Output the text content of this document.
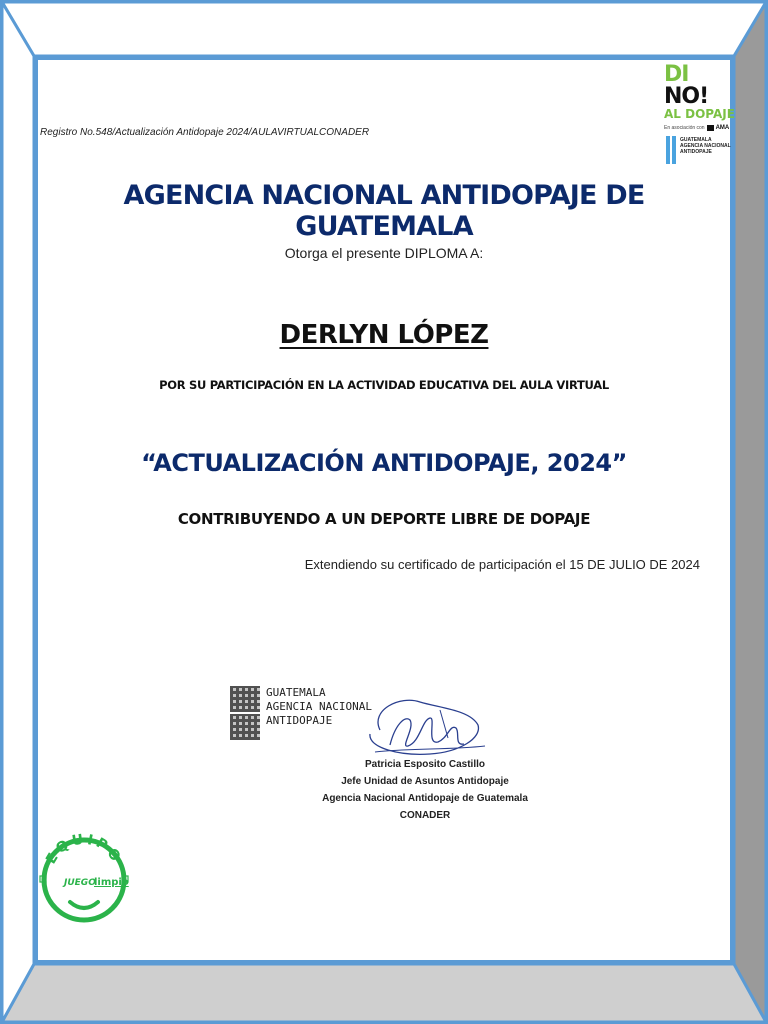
Registro No.548/Actualización Antidopaje 2024/AULAVIRTUALCONADER
DI NO!
AL DOPAJE
En asociación con AMA
GUATEMALA
AGENCIA NACIONAL
ANTIDOPAJE
AGENCIA NACIONAL ANTIDOPAJE DE GUATEMALA
Otorga el presente DIPLOMA A:
DERLYN LÓPEZ
POR SU PARTICIPACIÓN EN LA ACTIVIDAD EDUCATIVA DEL AULA VIRTUAL
“ACTUALIZACIÓN ANTIDOPAJE, 2024”
CONTRIBUYENDO A UN DEPORTE LIBRE DE DOPAJE
Extendiendo su certificado de participación el 15 DE JULIO DE 2024
GUATEMALA
AGENCIA NACIONAL
ANTIDOPAJE
Patricia Esposito Castillo
Jefe Unidad de Asuntos Antidopaje
Agencia Nacional Antidopaje de Guatemala
CONADER
EQUIPO
JUEGO
limpio
